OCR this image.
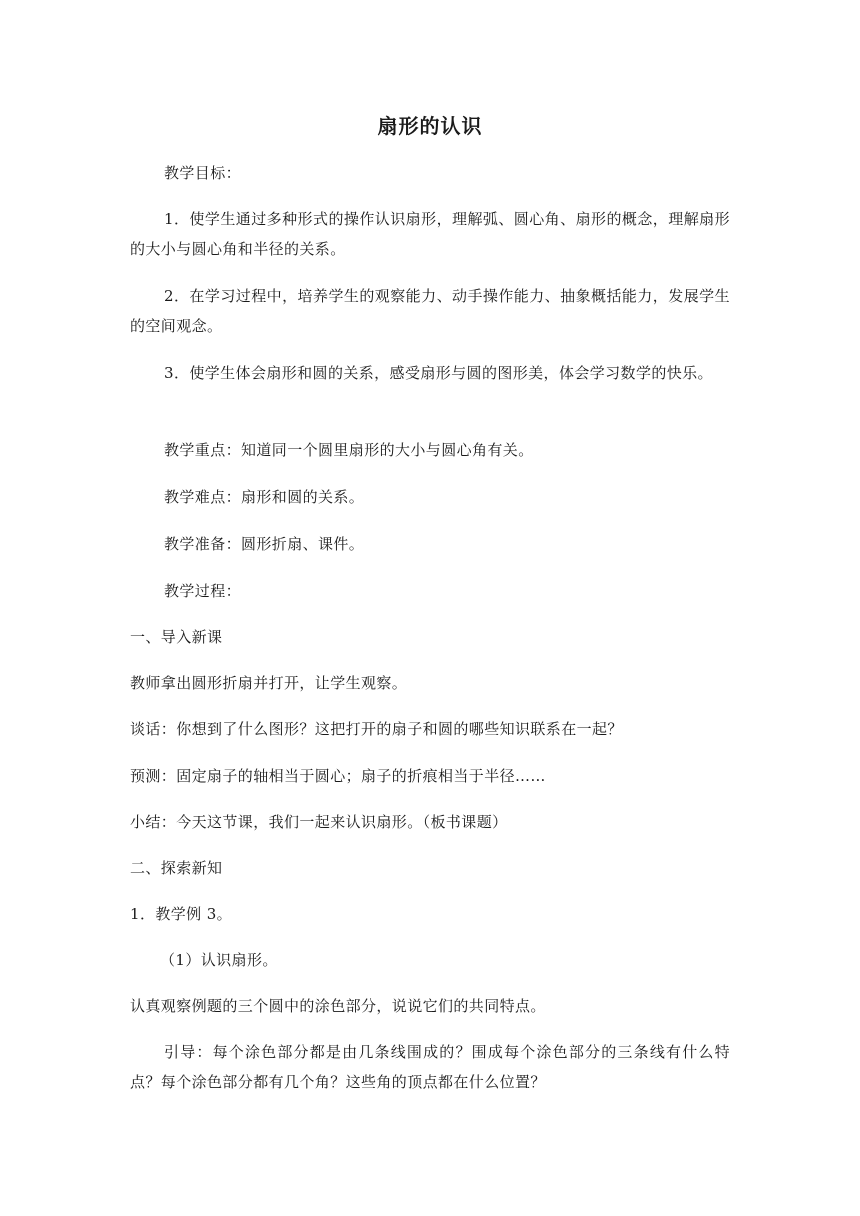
扇形的认识
教学目标：
1．使学生通过多种形式的操作认识扇形，理解弧、圆心角、扇形的概念，理解扇形的大小与圆心角和半径的关系。
2．在学习过程中，培养学生的观察能力、动手操作能力、抽象概括能力，发展学生的空间观念。
3．使学生体会扇形和圆的关系，感受扇形与圆的图形美，体会学习数学的快乐。
教学重点：知道同一个圆里扇形的大小与圆心角有关。
教学难点：扇形和圆的关系。
教学准备：圆形折扇、课件。
教学过程：
一、导入新课
教师拿出圆形折扇并打开，让学生观察。
谈话：你想到了什么图形？这把打开的扇子和圆的哪些知识联系在一起？
预测：固定扇子的轴相当于圆心；扇子的折痕相当于半径……
小结：今天这节课，我们一起来认识扇形。（板书课题）
二、探索新知
1．教学例 3。
（1）认识扇形。
认真观察例题的三个圆中的涂色部分，说说它们的共同特点。
引导：每个涂色部分都是由几条线围成的？围成每个涂色部分的三条线有什么特点？每个涂色部分都有几个角？这些角的顶点都在什么位置？
